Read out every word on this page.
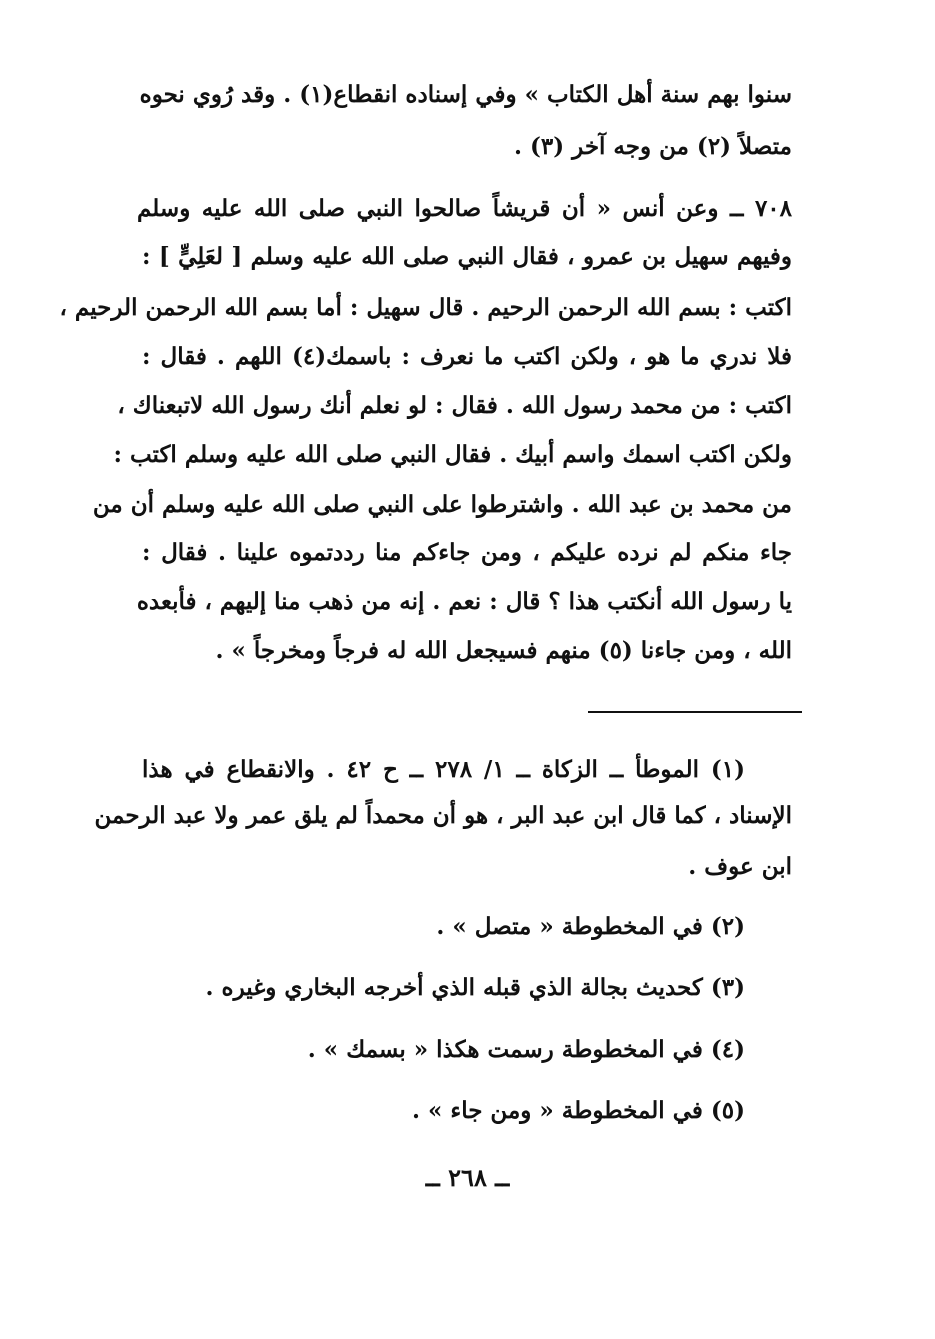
سنوا بهم سنة أهل الكتاب » وفي إسناده انقطاع(١) . وقد رُوي نحوه
متصلاً (٢) من وجه آخر (٣) .
٧٠٨ ــ وعن أنس « أن قريشاً صالحوا النبي صلى الله عليه وسلم
وفيهم سهيل بن عمرو ، فقال النبي صلى الله عليه وسلم [ لعَلِيٍّ ] :
اكتب : بسم الله الرحمن الرحيم . قال سهيل : أما بسم الله الرحمن الرحيم ،
فلا ندري ما هو ، ولكن اكتب ما نعرف : باسمك(٤) اللهم . فقال :
اكتب : من محمد رسول الله . فقال : لو نعلم أنك رسول الله لاتبعناك ،
ولكن اكتب اسمك واسم أبيك . فقال النبي صلى الله عليه وسلم اكتب :
من محمد بن عبد الله . واشترطوا على النبي صلى الله عليه وسلم أن من
جاء منكم لم نرده عليكم ، ومن جاءكم منا رددتموه علينا . فقال :
يا رسول الله أنكتب هذا ؟ قال : نعم . إنه من ذهب منا إليهم ، فأبعده
الله ، ومن جاءنا (٥) منهم فسيجعل الله له فرجاً ومخرجاً » .
(١) الموطأ ــ الزكاة ــ ١/ ٢٧٨ ــ ح ٤٢ . والانقطاع في هذا
الإسناد ، كما قال ابن عبد البر ، هو أن محمداً لم يلق عمر ولا عبد الرحمن
ابن عوف .
(٢) في المخطوطة « متصل » .
(٣) كحديث بجالة الذي قبله الذي أخرجه البخاري وغيره .
(٤) في المخطوطة رسمت هكذا « بسمك » .
(٥) في المخطوطة « ومن جاء » .
ــ ٢٦٨ ــ
